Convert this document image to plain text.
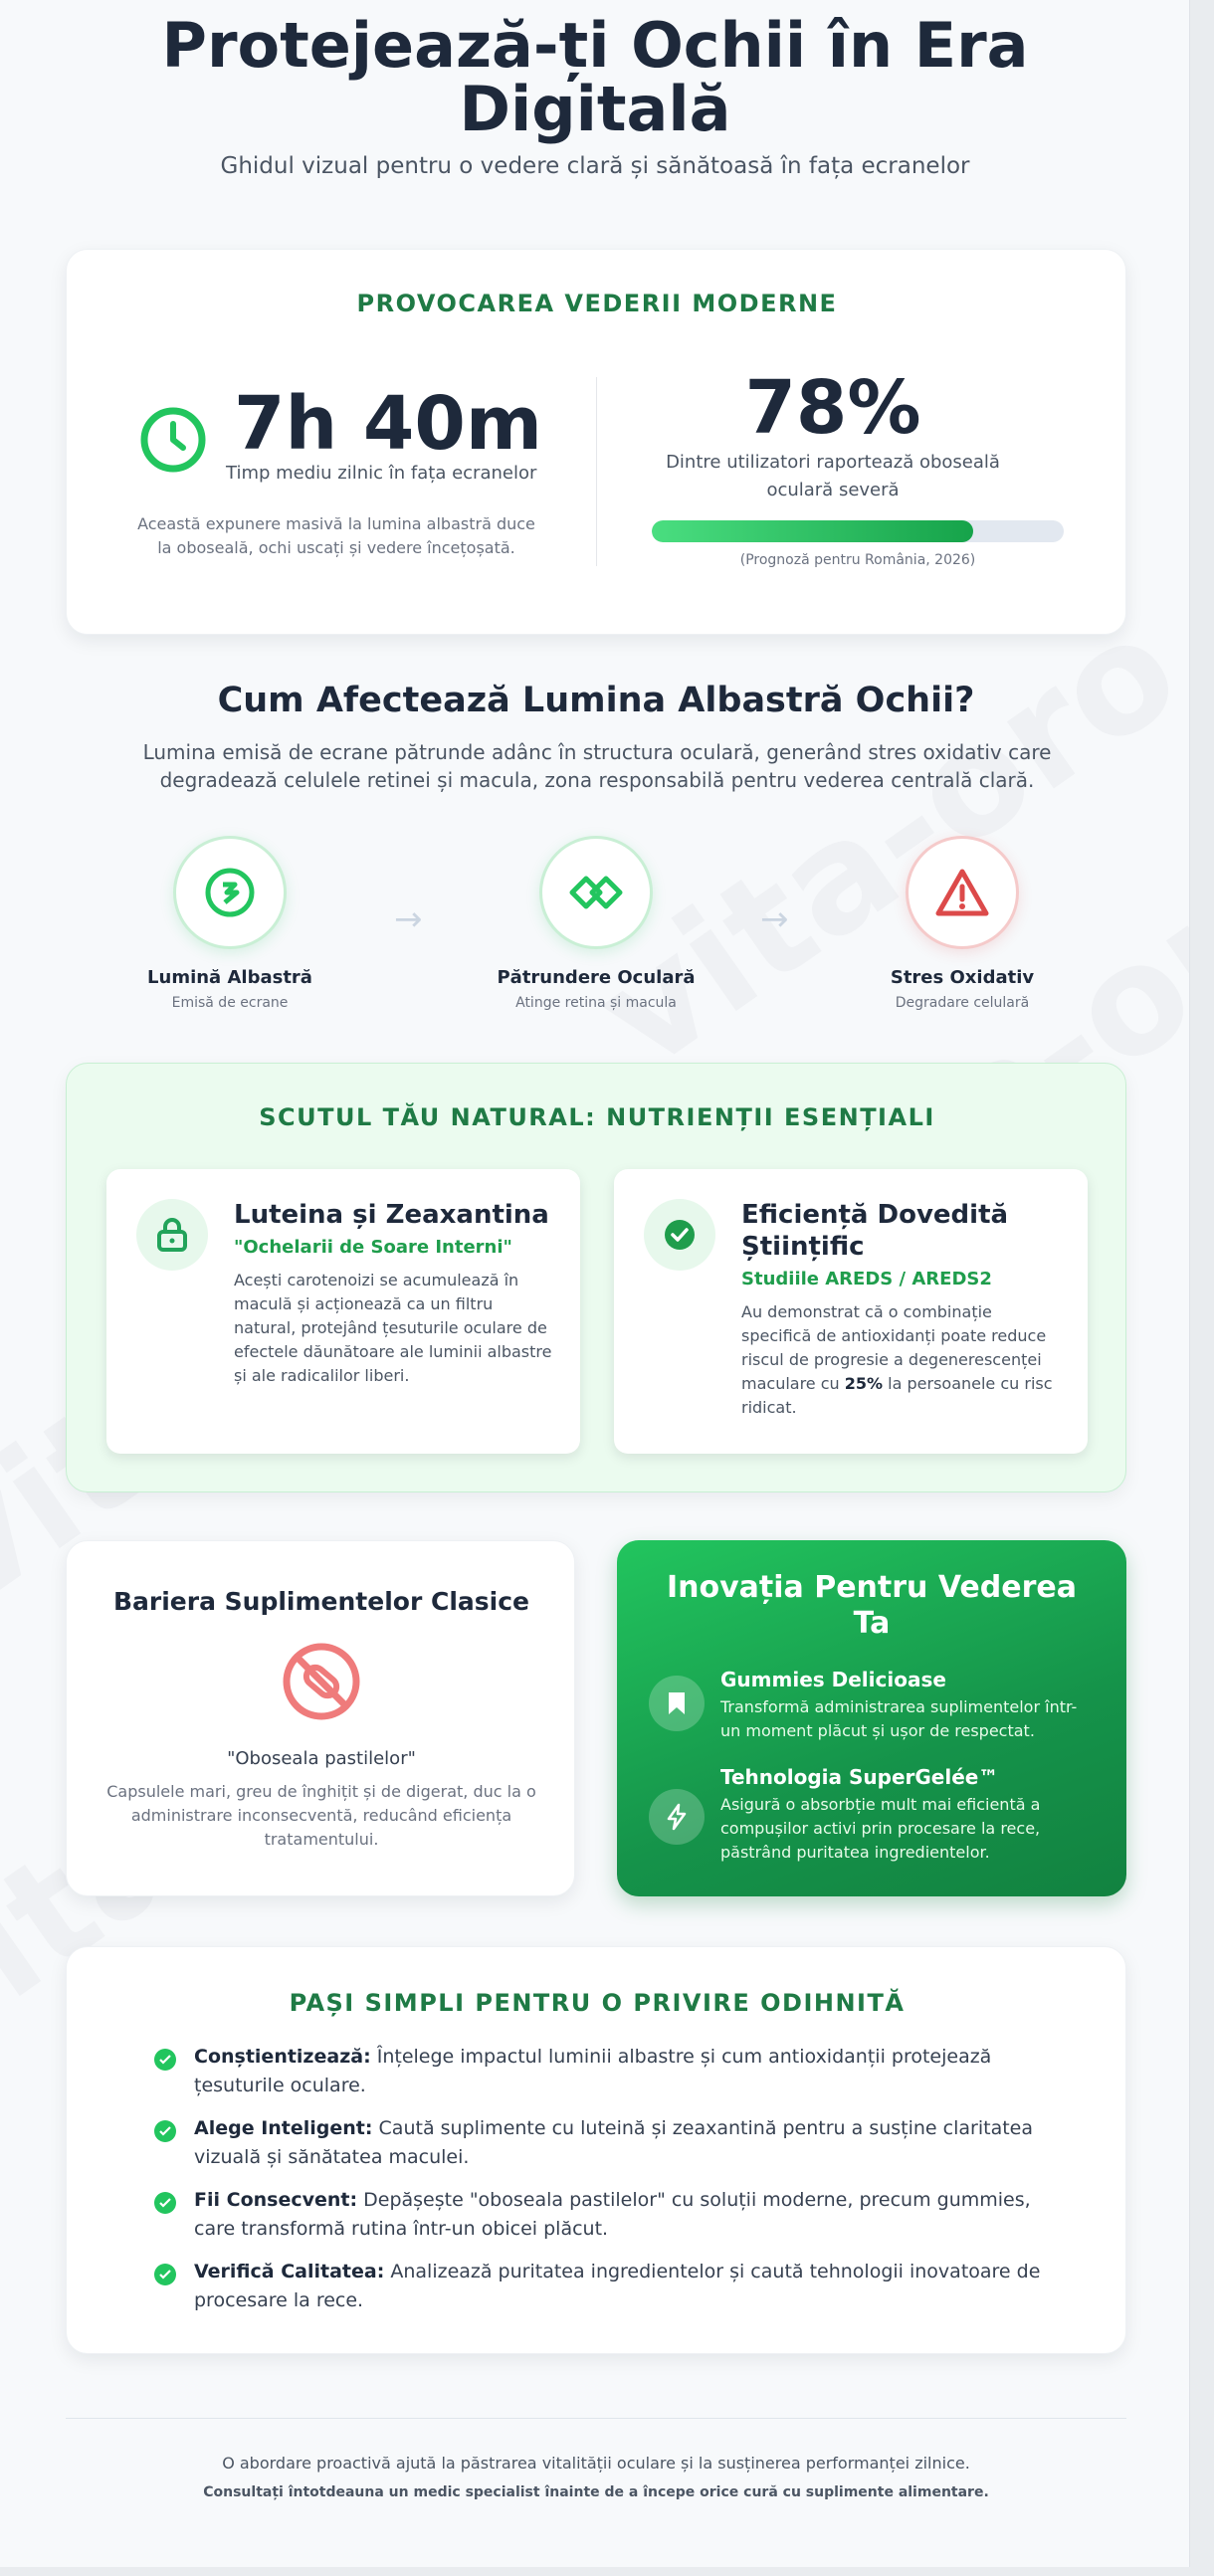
Protejează-ți Ochii în Era Digitală
Ghidul vizual pentru o vedere clară și sănătoasă în fața ecranelor
PROVOCAREA VEDERII MODERNE
7h 40m
Timp mediu zilnic în fața ecranelor
Această expunere masivă la lumina albastră duce la oboseală, ochi uscați și vedere încețoșată.
78%
Dintre utilizatori raportează oboseală oculară severă
(Prognoză pentru România, 2026)
Cum Afectează Lumina Albastră Ochii?
Lumina emisă de ecrane pătrunde adânc în structura oculară, generând stres oxidativ care degradează celulele retinei și macula, zona responsabilă pentru vederea centrală clară.
→	→
Lumină Albastră
Emisă de ecrane
Pătrundere Oculară
Atinge retina și macula
Stres Oxidativ
Degradare celulară
SCUTUL TĂU NATURAL: NUTRIENȚII ESENȚIALI
Luteina și Zeaxantina
"Ochelarii de Soare Interni"
Acești carotenoizi se acumulează în maculă și acționează ca un filtru natural, protejând țesuturile oculare de efectele dăunătoare ale luminii albastre și ale radicalilor liberi.
Eficiență Dovedită Științific
Studiile AREDS / AREDS2
Au demonstrat că o combinație specifică de antioxidanți poate reduce riscul de progresie a degenerescenței maculare cu 25% la persoanele cu risc ridicat.
Bariera Suplimentelor Clasice
"Oboseala pastilelor"
Capsulele mari, greu de înghițit și de digerat, duc la o administrare inconsecventă, reducând eficiența tratamentului.
Inovația Pentru Vederea Ta
Gummies Delicioase
Transformă administrarea suplimentelor într-un moment plăcut și ușor de respectat.
Tehnologia SuperGelée™
Asigură o absorbție mult mai eficientă a compușilor activi prin procesare la rece, păstrând puritatea ingredientelor.
PAȘI SIMPLI PENTRU O PRIVIRE ODIHNITĂ
Conștientizează: Înțelege impactul luminii albastre și cum antioxidanții protejează țesuturile oculare.
Alege Inteligent: Caută suplimente cu luteină și zeaxantină pentru a susține claritatea vizuală și sănătatea maculei.
Fii Consecvent: Depășește "oboseala pastilelor" cu soluții moderne, precum gummies, care transformă rutina într-un obicei plăcut.
Verifică Calitatea: Analizează puritatea ingredientelor și caută tehnologii inovatoare de procesare la rece.
O abordare proactivă ajută la păstrarea vitalității oculare și la susținerea performanței zilnice.
Consultați întotdeauna un medic specialist înainte de a începe orice cură cu suplimente alimentare.
